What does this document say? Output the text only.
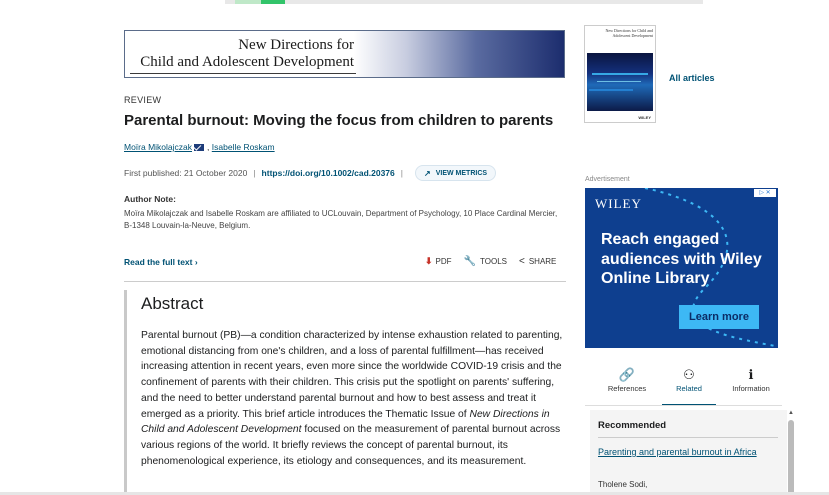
New Directions for
Child and Adolescent Development
REVIEW
Parental burnout: Moving the focus from children to parents
Moïra Mikolajczak , Isabelle Roskam
First published: 21 October 2020 | https://doi.org/10.1002/cad.20376 |	↗ VIEW METRICS
Author Note:
Moïra Mikolajczak and Isabelle Roskam are affiliated to UCLouvain, Department of Psychology, 10 Place Cardinal Mercier, B-1348 Louvain-la-Neuve, Belgium.
Read the full text ›	⬇ PDF 🔧 TOOLS < SHARE
Abstract
Parental burnout (PB)—a condition characterized by intense exhaustion related to parenting, emotional distancing from one's children, and a loss of parental fulfillment—has received increasing attention in recent years, even more since the worldwide COVID-19 crisis and the confinement of parents with their children. This crisis put the spotlight on parents' suffering, and the need to better understand parental burnout and how to best assess and treat it emerged as a priority. This brief article introduces the Thematic Issue of New Directions in Child and Adolescent Development focused on the measurement of parental burnout across various regions of the world. It briefly reviews the concept of parental burnout, its phenomenological experience, its etiology and consequences, and its measurement.
New Directions for Child and Adolescent Development
WILEY
All articles
Advertisement
WILEY
▷ ✕
Reach engaged audiences with Wiley Online Library
Learn more
🔗
References
⚇
Related
ℹ
Information
Recommended
Parenting and parental burnout in Africa
Tholene Sodi,
▲
